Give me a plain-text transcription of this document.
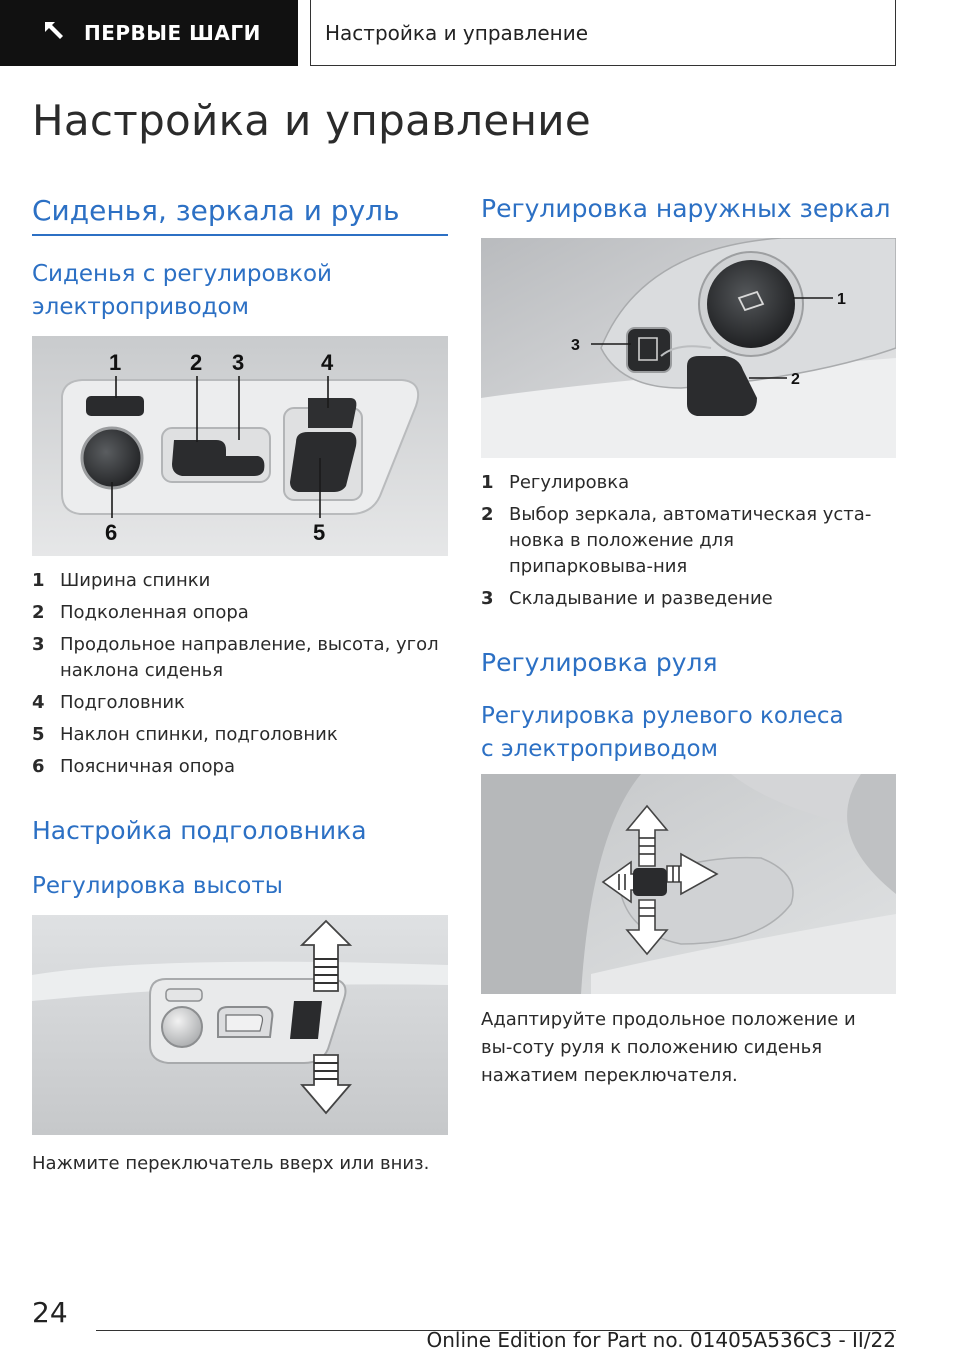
ПЕРВЫЕ ШАГИ	Настройка и управление
Настройка и управление
Сиденья, зеркала и руль
Сиденья с регулировкой электроприводом
1	2 3	4
5
6
1 Ширина спинки
2 Подколенная опора
3 Продольное направление, высота, угол наклона сиденья
4 Подголовник
5 Наклон спинки, подголовник
6 Поясничная опора
Настройка подголовника
Регулировка высоты

Нажмите переключатель вверх или вниз.

Регулировка наружных зеркал
1
2
3
1 Регулировка
2 Выбор зеркала, автоматическая уста-новка в положение для припарковыва-ния
3 Складывание и разведение
Регулировка руля
Регулировка рулевого колеса с электроприводом

Адаптируйте продольное положение и вы-соту руля к положению сиденья нажатием переключателя.

24
Online Edition for Part no. 01405A536C3 - II/22
